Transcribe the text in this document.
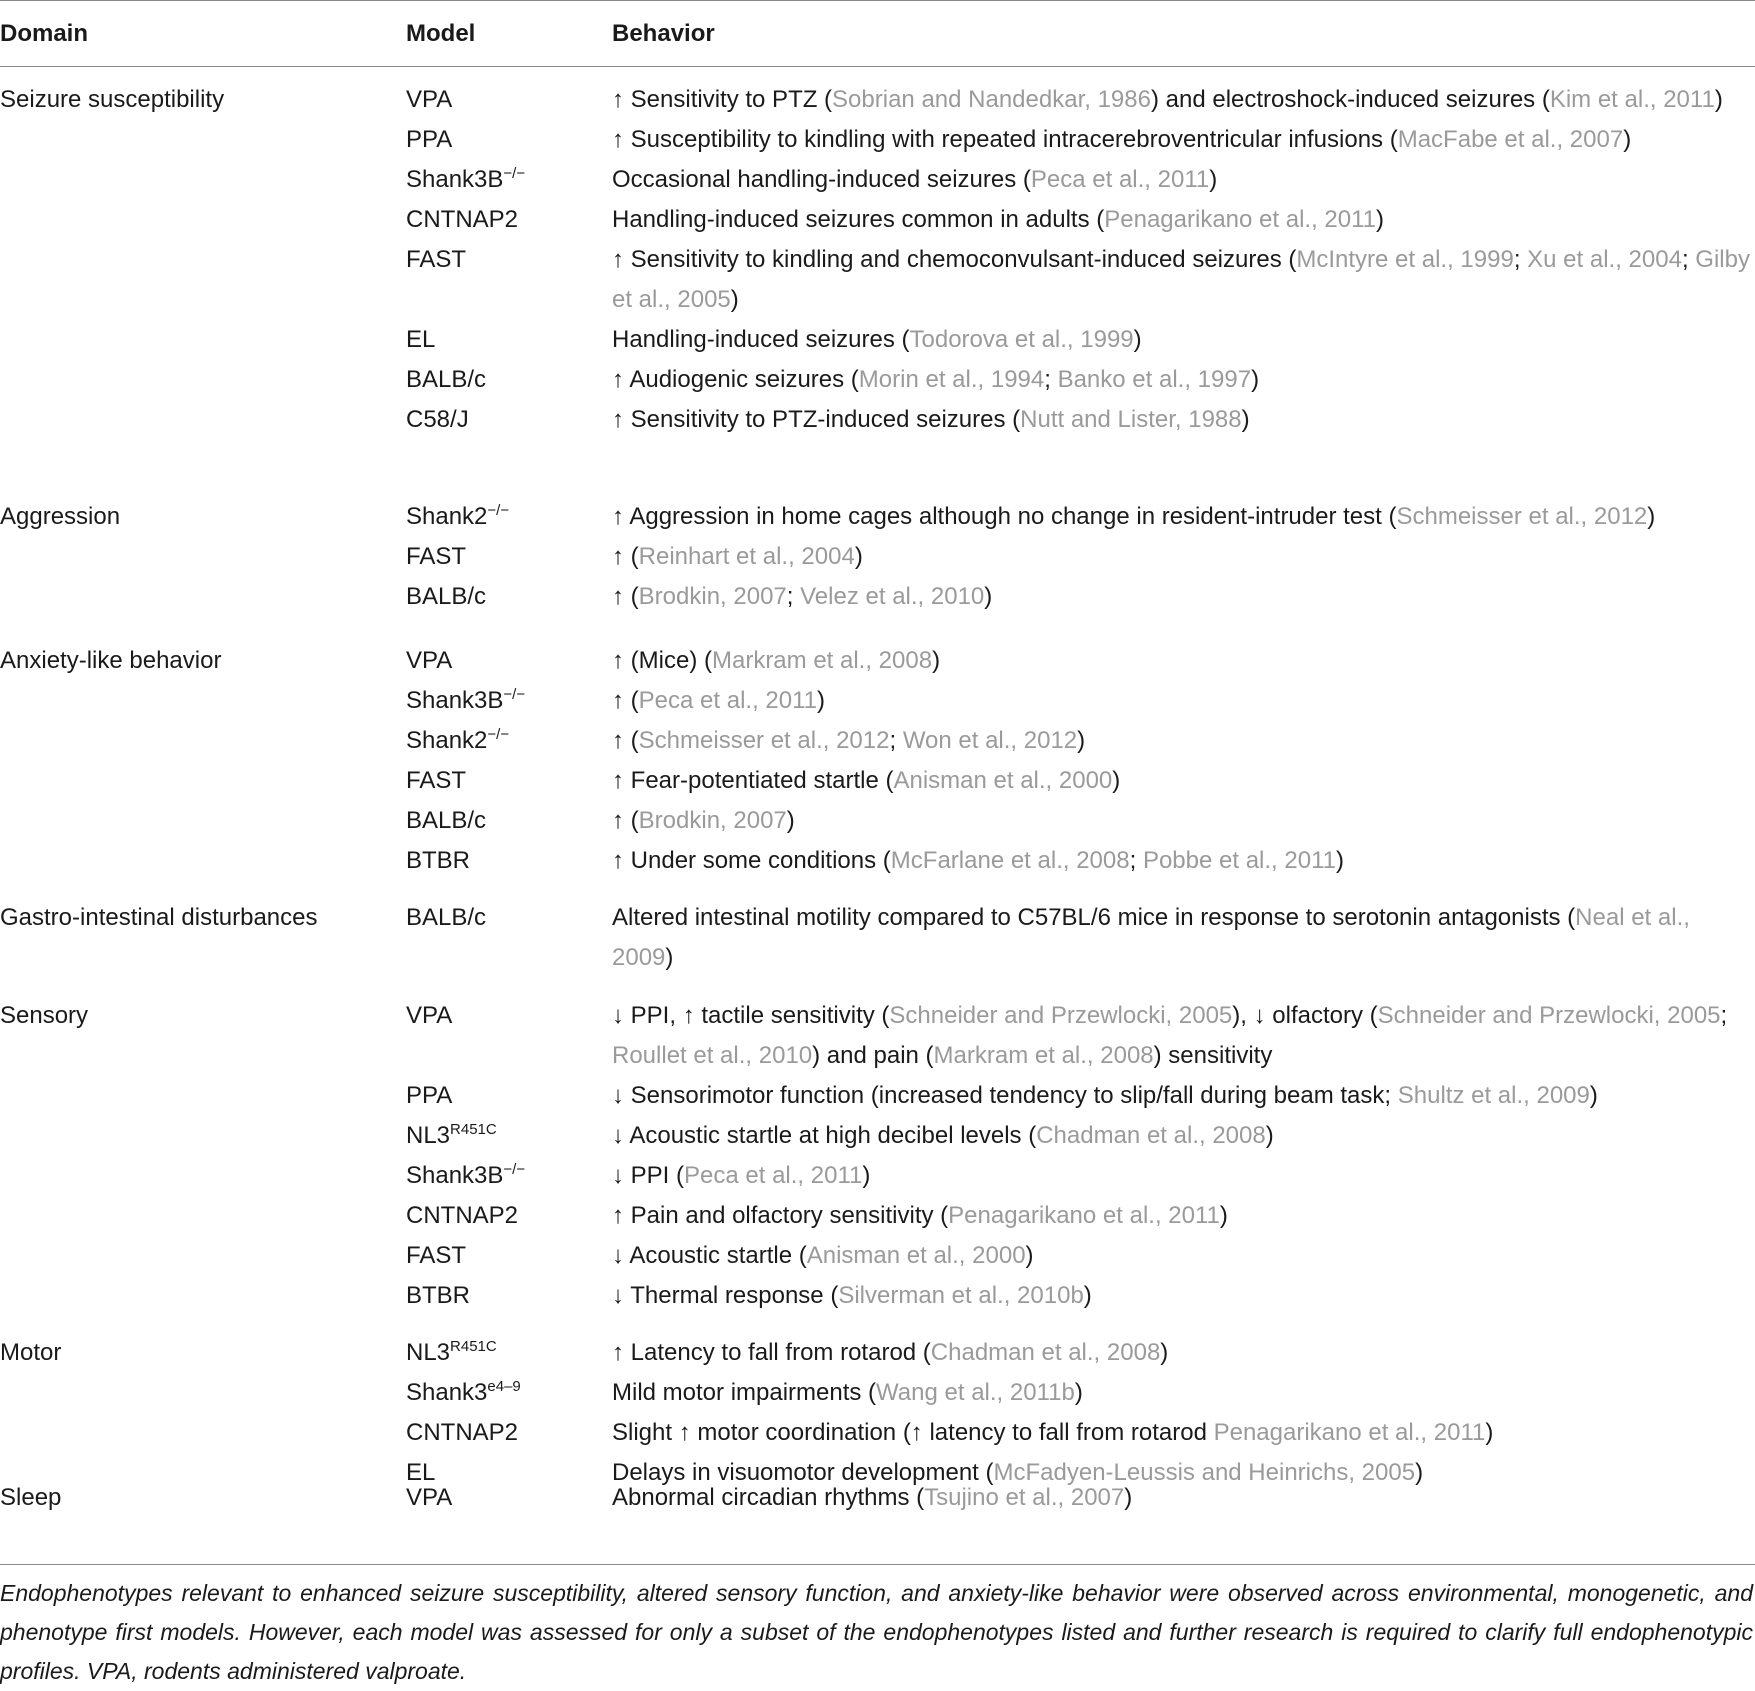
Domain	Model	Behavior
Seizure susceptibility	VPA	↑ Sensitivity to PTZ (Sobrian and Nandedkar, 1986) and electroshock-induced seizures (Kim et al., 2011)
PPA	↑ Susceptibility to kindling with repeated intracerebroventricular infusions (MacFabe et al., 2007)
Shank3B−/−	Occasional handling-induced seizures (Peca et al., 2011)
CNTNAP2	Handling-induced seizures common in adults (Penagarikano et al., 2011)
FAST	↑ Sensitivity to kindling and chemoconvulsant-induced seizures (McIntyre et al., 1999; Xu et al., 2004; Gilby et al., 2005)
EL	Handling-induced seizures (Todorova et al., 1999)
BALB/c	↑ Audiogenic seizures (Morin et al., 1994; Banko et al., 1997)
C58/J	↑ Sensitivity to PTZ-induced seizures (Nutt and Lister, 1988)
Aggression	Shank2−/−	↑ Aggression in home cages although no change in resident-intruder test (Schmeisser et al., 2012)
FAST	↑ (Reinhart et al., 2004)
BALB/c	↑ (Brodkin, 2007; Velez et al., 2010)
Anxiety-like behavior	VPA	↑ (Mice) (Markram et al., 2008)
Shank3B−/−	↑ (Peca et al., 2011)
Shank2−/−	↑ (Schmeisser et al., 2012; Won et al., 2012)
FAST	↑ Fear-potentiated startle (Anisman et al., 2000)
BALB/c	↑ (Brodkin, 2007)
BTBR	↑ Under some conditions (McFarlane et al., 2008; Pobbe et al., 2011)
Gastro-intestinal disturbances	BALB/c	Altered intestinal motility compared to C57BL/6 mice in response to serotonin antagonists (Neal et al., 2009)
Sensory	VPA	↓ PPI, ↑ tactile sensitivity (Schneider and Przewlocki, 2005), ↓ olfactory (Schneider and Przewlocki, 2005; Roullet et al., 2010) and pain (Markram et al., 2008) sensitivity
PPA	↓ Sensorimotor function (increased tendency to slip/fall during beam task; Shultz et al., 2009)
$NL3^{R451C}$	↓ Acoustic startle at high decibel levels (Chadman et al., 2008)
Shank3B−/−	↓ PPI (Peca et al., 2011)
CNTNAP2	↑ Pain and olfactory sensitivity (Penagarikano et al., 2011)
FAST	↓ Acoustic startle (Anisman et al., 2000)
BTBR	↓ Thermal response (Silverman et al., 2010b)
Motor	$NL3^{R451C}$	↑ Latency to fall from rotarod (Chadman et al., 2008)
$Shank3^{e4-9}$	Mild motor impairments (Wang et al., 2011b)
CNTNAP2	Slight ↑ motor coordination (↑ latency to fall from rotarod Penagarikano et al., 2011)
EL	Delays in visuomotor development (McFadyen-Leussis and Heinrichs, 2005)
Sleep	VPA	Abnormal circadian rhythms (Tsujino et al., 2007)
Endophenotypes relevant to enhanced seizure susceptibility, altered sensory function, and anxiety-like behavior were observed across environmental, monogenetic, and phenotype first models. However, each model was assessed for only a subset of the endophenotypes listed and further research is required to clarify full endophenotypic profiles. VPA, rodents administered valproate.
